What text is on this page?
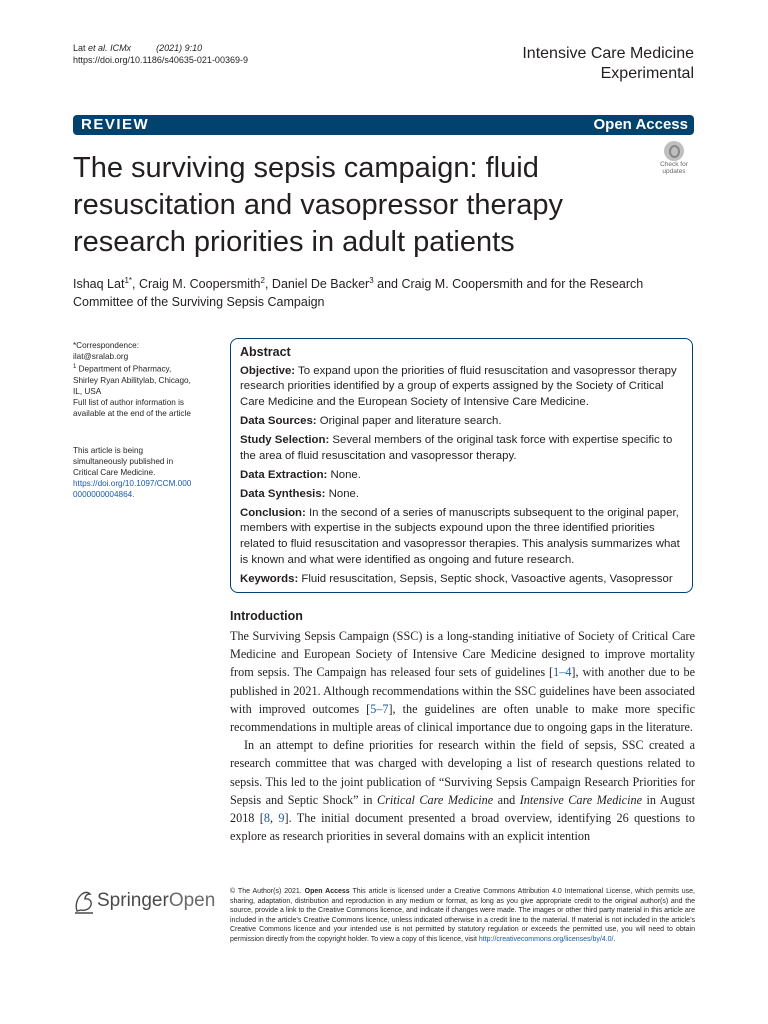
Lat et al. ICMx	(2021) 9:10
https://doi.org/10.1186/s40635-021-00369-9	Intensive Care Medicine
Experimental
REVIEW	Open Access
The surviving sepsis campaign: fluid resuscitation and vasopressor therapy research priorities in adult patients
Check for
updates
Ishaq Lat$^{1*}$, Craig M. Coopersmith$^2$, Daniel De Backer$^3$ and Craig M. Coopersmith and for the Research Committee of the Surviving Sepsis Campaign
*Correspondence:
ilat@sralab.org
$^1$ Department of Pharmacy, Shirley Ryan Abilitylab, Chicago, IL, USA
Full list of author information is available at the end of the article
This article is being simultaneously published in Critical Care Medicine.
https://doi.org/10.1097/CCM.0000000000004864.
Abstract

Objective: To expand upon the priorities of fluid resuscitation and vasopressor therapy research priorities identified by a group of experts assigned by the Society of Critical Care Medicine and the European Society of Intensive Care Medicine.

Data Sources: Original paper and literature search.

Study Selection: Several members of the original task force with expertise specific to the area of fluid resuscitation and vasopressor therapy.

Data Extraction: None.

Data Synthesis: None.

Conclusion: In the second of a series of manuscripts subsequent to the original paper, members with expertise in the subjects expound upon the three identified priorities related to fluid resuscitation and vasopressor therapies. This analysis summarizes what is known and what were identified as ongoing and future research.

Keywords: Fluid resuscitation, Sepsis, Septic shock, Vasoactive agents, Vasopressor

Introduction

The Surviving Sepsis Campaign (SSC) is a long-standing initiative of Society of Critical Care Medicine and European Society of Intensive Care Medicine designed to improve mortality from sepsis. The Campaign has released four sets of guidelines [1–4], with another due to be published in 2021. Although recommendations within the SSC guidelines have been associated with improved outcomes [5–7], the guidelines are often unable to make more specific recommendations in multiple areas of clinical importance due to ongoing gaps in the literature.

In an attempt to define priorities for research within the field of sepsis, SSC created a research committee that was charged with developing a list of research questions related to sepsis. This led to the joint publication of “Surviving Sepsis Campaign Research Priorities for Sepsis and Septic Shock” in Critical Care Medicine and Intensive Care Medicine in August 2018 [8, 9]. The initial document presented a broad overview, identifying 26 questions to explore as research priorities in several domains with an explicit intention

SpringerOpen © The Author(s) 2021. Open Access This article is licensed under a Creative Commons Attribution 4.0 International License, which permits use, sharing, adaptation, distribution and reproduction in any medium or format, as long as you give appropriate credit to the original author(s) and the source, provide a link to the Creative Commons licence, and indicate if changes were made. The images or other third party material in this article are included in the article’s Creative Commons licence, unless indicated otherwise in a credit line to the material. If material is not included in the article’s Creative Commons licence and your intended use is not permitted by statutory regulation or exceeds the permitted use, you will need to obtain permission directly from the copyright holder. To view a copy of this licence, visit http://creativecommons.org/licenses/by/4.0/.
